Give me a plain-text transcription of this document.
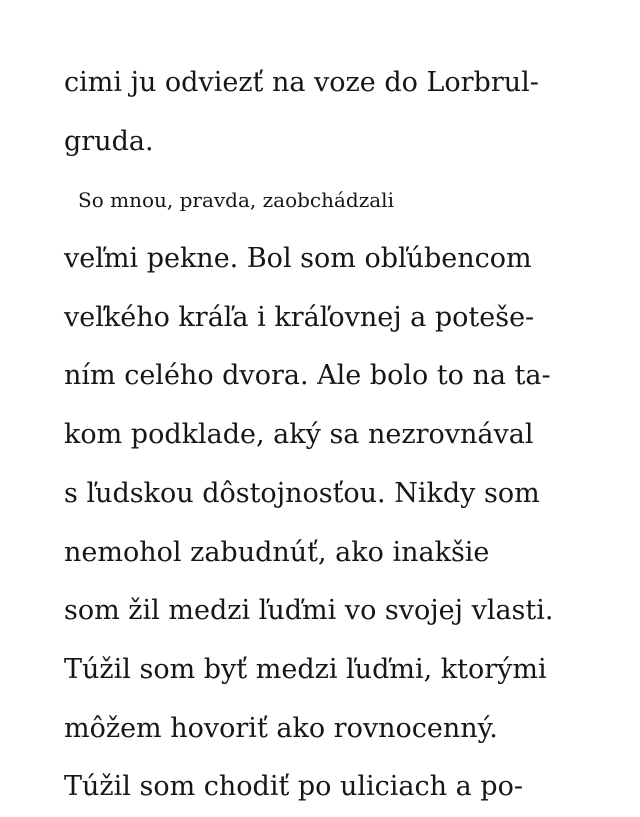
cimi ju odviezť na voze do Lorbrul-
gruda.
So mnou, pravda, zaobchádzali
veľmi pekne. Bol som obľúbencom
veľkého kráľa i kráľovnej a poteše-
ním celého dvora. Ale bolo to na ta-
kom podklade, aký sa nezrovnával
s ľudskou dôstojnosťou. Nikdy som
nemohol zabudnúť, ako inakšie
som žil medzi ľuďmi vo svojej vlasti.
Túžil som byť medzi ľuďmi, ktorými
môžem hovoriť ako rovnocenný.
Túžil som chodiť po uliciach a po-
